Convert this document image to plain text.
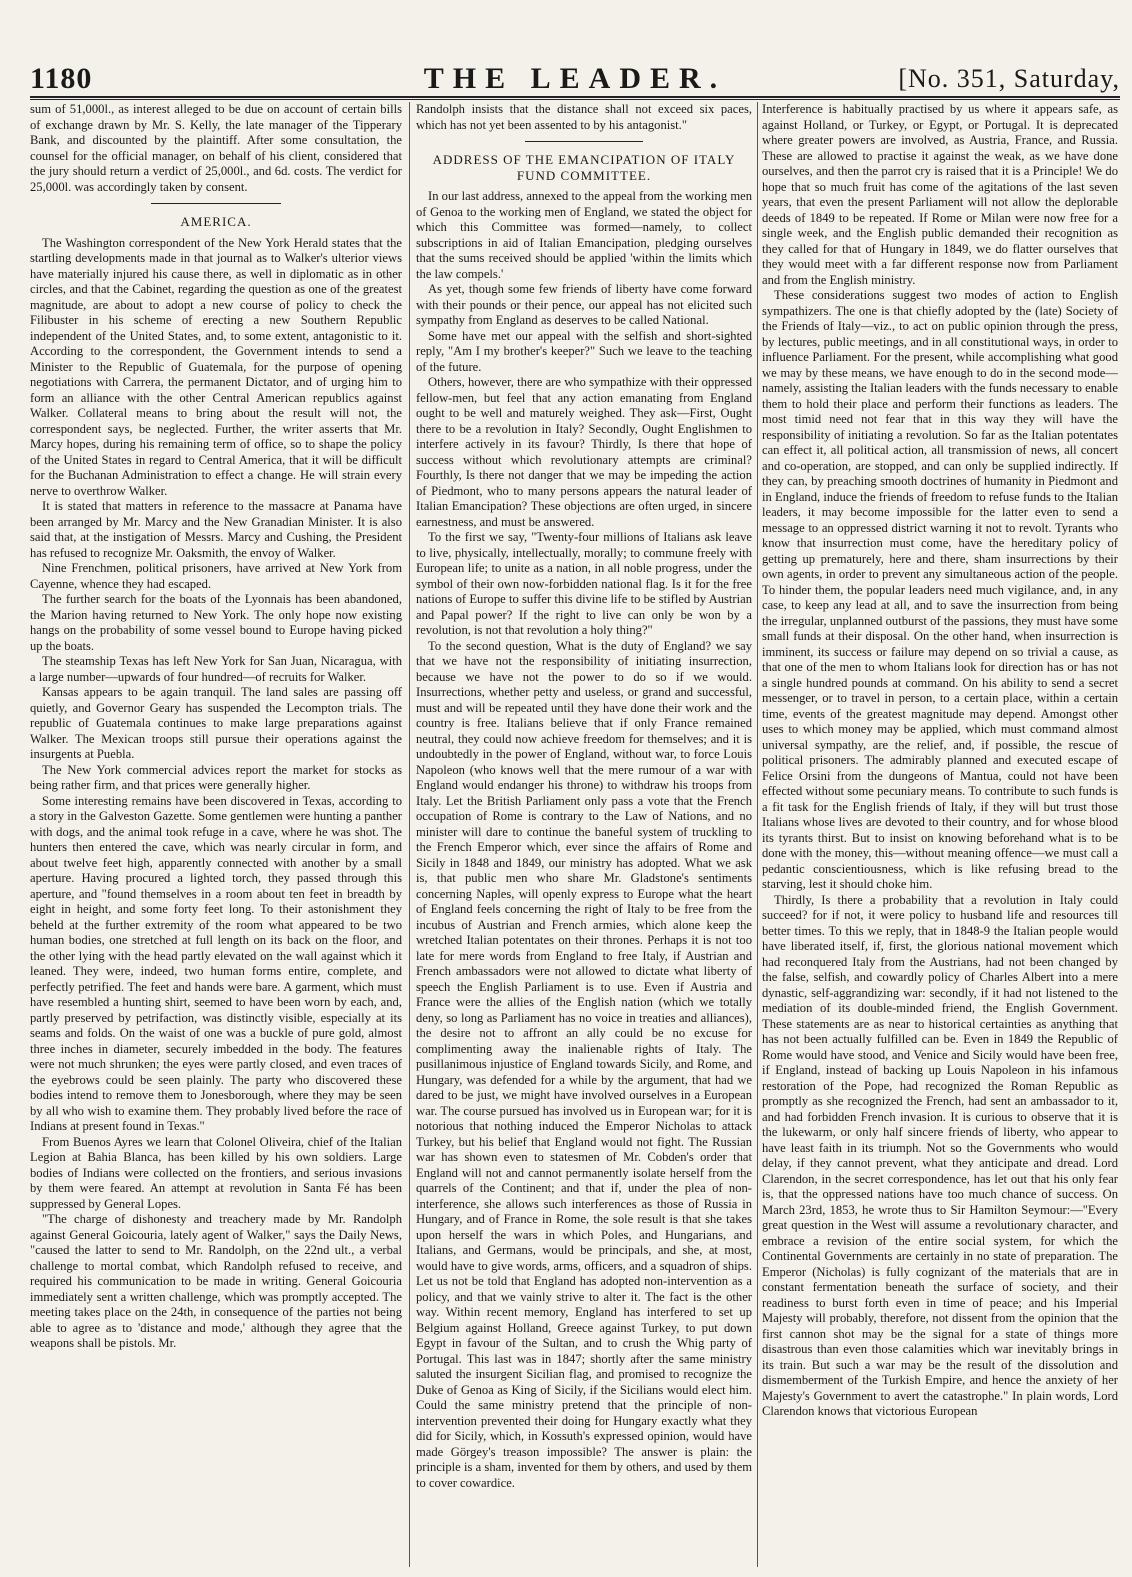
1180	THE LEADER.	[No. 351, Saturday,

sum of 51,000l., as interest alleged to be due on account of certain bills of exchange drawn by Mr. S. Kelly, the late manager of the Tipperary Bank, and discounted by the plaintiff. After some consultation, the counsel for the official manager, on behalf of his client, considered that the jury should return a verdict of 25,000l., and 6d. costs. The verdict for 25,000l. was accordingly taken by consent.

AMERICA.

The Washington correspondent of the New York Herald states that the startling developments made in that journal as to Walker's ulterior views have materially injured his cause there, as well in diplomatic as in other circles, and that the Cabinet, regarding the question as one of the greatest magnitude, are about to adopt a new course of policy to check the Filibuster in his scheme of erecting a new Southern Republic independent of the United States, and, to some extent, antagonistic to it. According to the correspondent, the Government intends to send a Minister to the Republic of Guatemala, for the purpose of opening negotiations with Carrera, the permanent Dictator, and of urging him to form an alliance with the other Central American republics against Walker. Collateral means to bring about the result will not, the correspondent says, be neglected. Further, the writer asserts that Mr. Marcy hopes, during his remaining term of office, so to shape the policy of the United States in regard to Central America, that it will be difficult for the Buchanan Administration to effect a change. He will strain every nerve to overthrow Walker.

It is stated that matters in reference to the massacre at Panama have been arranged by Mr. Marcy and the New Granadian Minister. It is also said that, at the instigation of Messrs. Marcy and Cushing, the President has refused to recognize Mr. Oaksmith, the envoy of Walker.

Nine Frenchmen, political prisoners, have arrived at New York from Cayenne, whence they had escaped.

The further search for the boats of the Lyonnais has been abandoned, the Marion having returned to New York. The only hope now existing hangs on the probability of some vessel bound to Europe having picked up the boats.

The steamship Texas has left New York for San Juan, Nicaragua, with a large number—upwards of four hundred—of recruits for Walker.

Kansas appears to be again tranquil. The land sales are passing off quietly, and Governor Geary has suspended the Lecompton trials. The republic of Guatemala continues to make large preparations against Walker. The Mexican troops still pursue their operations against the insurgents at Puebla.

The New York commercial advices report the market for stocks as being rather firm, and that prices were generally higher.

Some interesting remains have been discovered in Texas, according to a story in the Galveston Gazette. Some gentlemen were hunting a panther with dogs, and the animal took refuge in a cave, where he was shot. The hunters then entered the cave, which was nearly circular in form, and about twelve feet high, apparently connected with another by a small aperture. Having procured a lighted torch, they passed through this aperture, and "found themselves in a room about ten feet in breadth by eight in height, and some forty feet long. To their astonishment they beheld at the further extremity of the room what appeared to be two human bodies, one stretched at full length on its back on the floor, and the other lying with the head partly elevated on the wall against which it leaned. They were, indeed, two human forms entire, complete, and perfectly petrified. The feet and hands were bare. A garment, which must have resembled a hunting shirt, seemed to have been worn by each, and, partly preserved by petrifaction, was distinctly visible, especially at its seams and folds. On the waist of one was a buckle of pure gold, almost three inches in diameter, securely imbedded in the body. The features were not much shrunken; the eyes were partly closed, and even traces of the eyebrows could be seen plainly. The party who discovered these bodies intend to remove them to Jonesborough, where they may be seen by all who wish to examine them. They probably lived before the race of Indians at present found in Texas."

From Buenos Ayres we learn that Colonel Oliveira, chief of the Italian Legion at Bahia Blanca, has been killed by his own soldiers. Large bodies of Indians were collected on the frontiers, and serious invasions by them were feared. An attempt at revolution in Santa Fé has been suppressed by General Lopes.

"The charge of dishonesty and treachery made by Mr. Randolph against General Goicouria, lately agent of Walker," says the Daily News, "caused the latter to send to Mr. Randolph, on the 22nd ult., a verbal challenge to mortal combat, which Randolph refused to receive, and required his communication to be made in writing. General Goicouria immediately sent a written challenge, which was promptly accepted. The meeting takes place on the 24th, in consequence of the parties not being able to agree as to 'distance and mode,' although they agree that the weapons shall be pistols. Mr.

Randolph insists that the distance shall not exceed six paces, which has not yet been assented to by his antagonist."

ADDRESS OF THE EMANCIPATION OF ITALY FUND COMMITTEE.

In our last address, annexed to the appeal from the working men of Genoa to the working men of England, we stated the object for which this Committee was formed—namely, to collect subscriptions in aid of Italian Emancipation, pledging ourselves that the sums received should be applied 'within the limits which the law compels.'

As yet, though some few friends of liberty have come forward with their pounds or their pence, our appeal has not elicited such sympathy from England as deserves to be called National.

Some have met our appeal with the selfish and short-sighted reply, "Am I my brother's keeper?" Such we leave to the teaching of the future.

Others, however, there are who sympathize with their oppressed fellow-men, but feel that any action emanating from England ought to be well and maturely weighed. They ask—First, Ought there to be a revolution in Italy? Secondly, Ought Englishmen to interfere actively in its favour? Thirdly, Is there that hope of success without which revolutionary attempts are criminal? Fourthly, Is there not danger that we may be impeding the action of Piedmont, who to many persons appears the natural leader of Italian Emancipation? These objections are often urged, in sincere earnestness, and must be answered.

To the first we say, "Twenty-four millions of Italians ask leave to live, physically, intellectually, morally; to commune freely with European life; to unite as a nation, in all noble progress, under the symbol of their own now-forbidden national flag. Is it for the free nations of Europe to suffer this divine life to be stifled by Austrian and Papal power? If the right to live can only be won by a revolution, is not that revolution a holy thing?"

To the second question, What is the duty of England? we say that we have not the responsibility of initiating insurrection, because we have not the power to do so if we would. Insurrections, whether petty and useless, or grand and successful, must and will be repeated until they have done their work and the country is free. Italians believe that if only France remained neutral, they could now achieve freedom for themselves; and it is undoubtedly in the power of England, without war, to force Louis Napoleon (who knows well that the mere rumour of a war with England would endanger his throne) to withdraw his troops from Italy. Let the British Parliament only pass a vote that the French occupation of Rome is contrary to the Law of Nations, and no minister will dare to continue the baneful system of truckling to the French Emperor which, ever since the affairs of Rome and Sicily in 1848 and 1849, our ministry has adopted. What we ask is, that public men who share Mr. Gladstone's sentiments concerning Naples, will openly express to Europe what the heart of England feels concerning the right of Italy to be free from the incubus of Austrian and French armies, which alone keep the wretched Italian potentates on their thrones. Perhaps it is not too late for mere words from England to free Italy, if Austrian and French ambassadors were not allowed to dictate what liberty of speech the English Parliament is to use. Even if Austria and France were the allies of the English nation (which we totally deny, so long as Parliament has no voice in treaties and alliances), the desire not to affront an ally could be no excuse for complimenting away the inalienable rights of Italy. The pusillanimous injustice of England towards Sicily, and Rome, and Hungary, was defended for a while by the argument, that had we dared to be just, we might have involved ourselves in a European war. The course pursued has involved us in European war; for it is notorious that nothing induced the Emperor Nicholas to attack Turkey, but his belief that England would not fight. The Russian war has shown even to statesmen of Mr. Cobden's order that England will not and cannot permanently isolate herself from the quarrels of the Continent; and that if, under the plea of non-interference, she allows such interferences as those of Russia in Hungary, and of France in Rome, the sole result is that she takes upon herself the wars in which Poles, and Hungarians, and Italians, and Germans, would be principals, and she, at most, would have to give words, arms, officers, and a squadron of ships. Let us not be told that England has adopted non-intervention as a policy, and that we vainly strive to alter it. The fact is the other way. Within recent memory, England has interfered to set up Belgium against Holland, Greece against Turkey, to put down Egypt in favour of the Sultan, and to crush the Whig party of Portugal. This last was in 1847; shortly after the same ministry saluted the insurgent Sicilian flag, and promised to recognize the Duke of Genoa as King of Sicily, if the Sicilians would elect him. Could the same ministry pretend that the principle of non-intervention prevented their doing for Hungary exactly what they did for Sicily, which, in Kossuth's expressed opinion, would have made Görgey's treason impossible? The answer is plain: the principle is a sham, invented for them by others, and used by them to cover cowardice.

Interference is habitually practised by us where it appears safe, as against Holland, or Turkey, or Egypt, or Portugal. It is deprecated where greater powers are involved, as Austria, France, and Russia. These are allowed to practise it against the weak, as we have done ourselves, and then the parrot cry is raised that it is a Principle! We do hope that so much fruit has come of the agitations of the last seven years, that even the present Parliament will not allow the deplorable deeds of 1849 to be repeated. If Rome or Milan were now free for a single week, and the English public demanded their recognition as they called for that of Hungary in 1849, we do flatter ourselves that they would meet with a far different response now from Parliament and from the English ministry.

These considerations suggest two modes of action to English sympathizers. The one is that chiefly adopted by the (late) Society of the Friends of Italy—viz., to act on public opinion through the press, by lectures, public meetings, and in all constitutional ways, in order to influence Parliament. For the present, while accomplishing what good we may by these means, we have enough to do in the second mode—namely, assisting the Italian leaders with the funds necessary to enable them to hold their place and perform their functions as leaders. The most timid need not fear that in this way they will have the responsibility of initiating a revolution. So far as the Italian potentates can effect it, all political action, all transmission of news, all concert and co-operation, are stopped, and can only be supplied indirectly. If they can, by preaching smooth doctrines of humanity in Piedmont and in England, induce the friends of freedom to refuse funds to the Italian leaders, it may become impossible for the latter even to send a message to an oppressed district warning it not to revolt. Tyrants who know that insurrection must come, have the hereditary policy of getting up prematurely, here and there, sham insurrections by their own agents, in order to prevent any simultaneous action of the people. To hinder them, the popular leaders need much vigilance, and, in any case, to keep any lead at all, and to save the insurrection from being the irregular, unplanned outburst of the passions, they must have some small funds at their disposal. On the other hand, when insurrection is imminent, its success or failure may depend on so trivial a cause, as that one of the men to whom Italians look for direction has or has not a single hundred pounds at command. On his ability to send a secret messenger, or to travel in person, to a certain place, within a certain time, events of the greatest magnitude may depend. Amongst other uses to which money may be applied, which must command almost universal sympathy, are the relief, and, if possible, the rescue of political prisoners. The admirably planned and executed escape of Felice Orsini from the dungeons of Mantua, could not have been effected without some pecuniary means. To contribute to such funds is a fit task for the English friends of Italy, if they will but trust those Italians whose lives are devoted to their country, and for whose blood its tyrants thirst. But to insist on knowing beforehand what is to be done with the money, this—without meaning offence—we must call a pedantic conscientiousness, which is like refusing bread to the starving, lest it should choke him.

Thirdly, Is there a probability that a revolution in Italy could succeed? for if not, it were policy to husband life and resources till better times. To this we reply, that in 1848-9 the Italian people would have liberated itself, if, first, the glorious national movement which had reconquered Italy from the Austrians, had not been changed by the false, selfish, and cowardly policy of Charles Albert into a mere dynastic, self-aggrandizing war: secondly, if it had not listened to the mediation of its double-minded friend, the English Government. These statements are as near to historical certainties as anything that has not been actually fulfilled can be. Even in 1849 the Republic of Rome would have stood, and Venice and Sicily would have been free, if England, instead of backing up Louis Napoleon in his infamous restoration of the Pope, had recognized the Roman Republic as promptly as she recognized the French, had sent an ambassador to it, and had forbidden French invasion. It is curious to observe that it is the lukewarm, or only half sincere friends of liberty, who appear to have least faith in its triumph. Not so the Governments who would delay, if they cannot prevent, what they anticipate and dread. Lord Clarendon, in the secret correspondence, has let out that his only fear is, that the oppressed nations have too much chance of success. On March 23rd, 1853, he wrote thus to Sir Hamilton Seymour:—"Every great question in the West will assume a revolutionary character, and embrace a revision of the entire social system, for which the Continental Governments are certainly in no state of preparation. The Emperor (Nicholas) is fully cognizant of the materials that are in constant fermentation beneath the surface of society, and their readiness to burst forth even in time of peace; and his Imperial Majesty will probably, therefore, not dissent from the opinion that the first cannon shot may be the signal for a state of things more disastrous than even those calamities which war inevitably brings in its train. But such a war may be the result of the dissolution and dismemberment of the Turkish Empire, and hence the anxiety of her Majesty's Government to avert the catastrophe." In plain words, Lord Clarendon knows that victorious European
